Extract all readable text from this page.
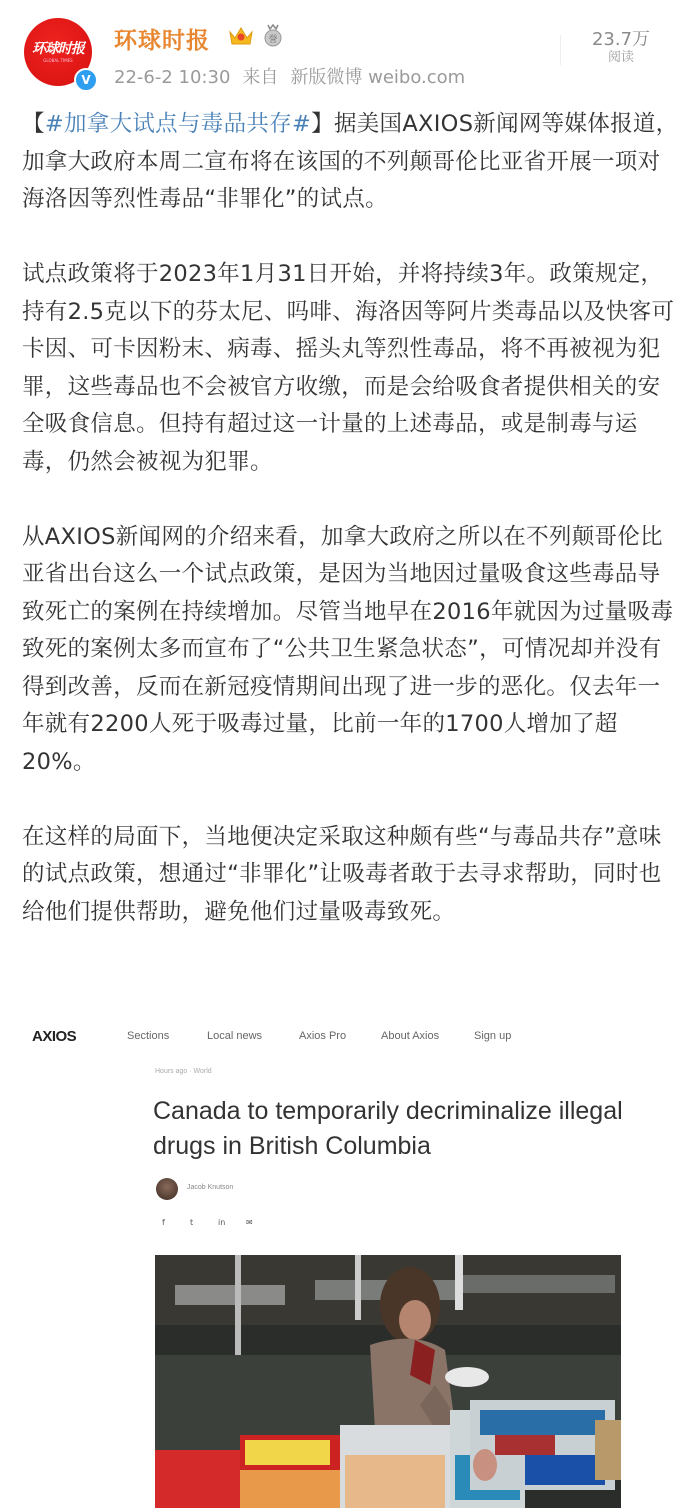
环球时报
GLOBAL TIMES
V
环球时报	誉
22-6-2 10:30 来自 新版微博 weibo.com
23.7万
阅读

【#加拿大试点与毒品共存#】据美国AXIOS新闻网等媒体报道，加拿大政府本周二宣布将在该国的不列颠哥伦比亚省开展一项对海洛因等烈性毒品“非罪化”的试点。

试点政策将于2023年1月31日开始，并将持续3年。政策规定，持有2.5克以下的芬太尼、吗啡、海洛因等阿片类毒品以及快客可卡因、可卡因粉末、病毒、摇头丸等烈性毒品，将不再被视为犯罪，这些毒品也不会被官方收缴，而是会给吸食者提供相关的安全吸食信息。但持有超过这一计量的上述毒品，或是制毒与运毒，仍然会被视为犯罪。

从AXIOS新闻网的介绍来看，加拿大政府之所以在不列颠哥伦比亚省出台这么一个试点政策，是因为当地因过量吸食这些毒品导致死亡的案例在持续增加。尽管当地早在2016年就因为过量吸毒致死的案例太多而宣布了“公共卫生紧急状态”，可情况却并没有得到改善，反而在新冠疫情期间出现了进一步的恶化。仅去年一年就有2200人死于吸毒过量，比前一年的1700人增加了超20%。

在这样的局面下，当地便决定采取这种颇有些“与毒品共存”意味的试点政策，想通过“非罪化”让吸毒者敢于去寻求帮助，同时也给他们提供帮助，避免他们过量吸毒致死。

AXIOS	Sections	Local news	Axios Pro	About Axios	Sign up
Hours ago · World
Canada to temporarily decriminalize illegal drugs in British Columbia
Jacob Knutson
f	t	in	✉
